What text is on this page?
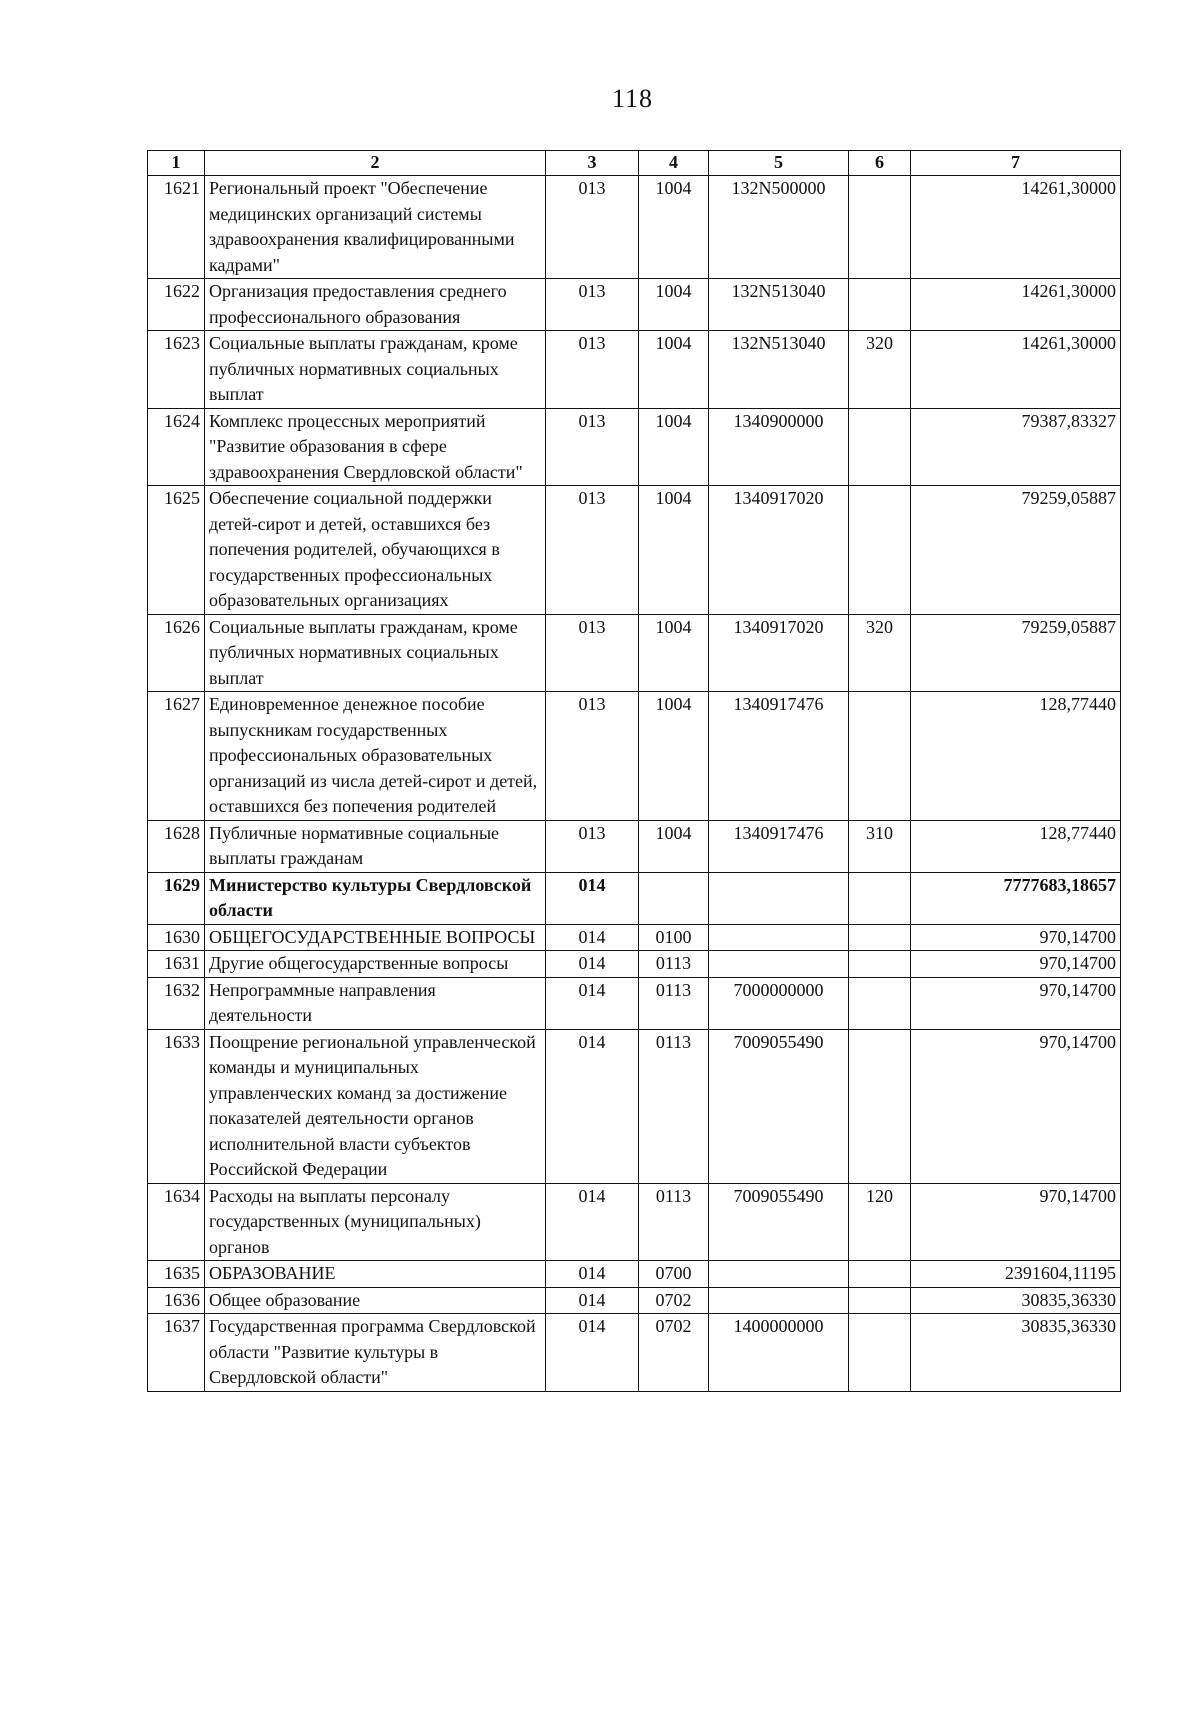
118
1	2	3	4	5	6	7
1621	Региональный проект "Обеспечение медицинских организаций системы здравоохранения квалифицированными кадрами"	013	1004	132N500000		14261,30000
1622	Организация предоставления среднего профессионального образования	013	1004	132N513040		14261,30000
1623	Социальные выплаты гражданам, кроме публичных нормативных социальных выплат	013	1004	132N513040	320	14261,30000
1624	Комплекс процессных мероприятий "Развитие образования в сфере здравоохранения Свердловской области"	013	1004	1340900000		79387,83327
1625	Обеспечение социальной поддержки детей-сирот и детей, оставшихся без попечения родителей, обучающихся в государственных профессиональных образовательных организациях	013	1004	1340917020		79259,05887
1626	Социальные выплаты гражданам, кроме публичных нормативных социальных выплат	013	1004	1340917020	320	79259,05887
1627	Единовременное денежное пособие выпускникам государственных профессиональных образовательных организаций из числа детей-сирот и детей, оставшихся без попечения родителей	013	1004	1340917476		128,77440
1628	Публичные нормативные социальные выплаты гражданам	013	1004	1340917476	310	128,77440
1629	Министерство культуры Свердловской области	014				7777683,18657
1630	ОБЩЕГОСУДАРСТВЕННЫЕ ВОПРОСЫ	014	0100			970,14700
1631	Другие общегосударственные вопросы	014	0113			970,14700
1632	Непрограммные направления деятельности	014	0113	7000000000		970,14700
1633	Поощрение региональной управленческой команды и муниципальных управленческих команд за достижение показателей деятельности органов исполнительной власти субъектов Российской Федерации	014	0113	7009055490		970,14700
1634	Расходы на выплаты персоналу государственных (муниципальных) органов	014	0113	7009055490	120	970,14700
1635	ОБРАЗОВАНИЕ	014	0700			2391604,11195
1636	Общее образование	014	0702			30835,36330
1637	Государственная программа Свердловской области "Развитие культуры в Свердловской области"	014	0702	1400000000		30835,36330
